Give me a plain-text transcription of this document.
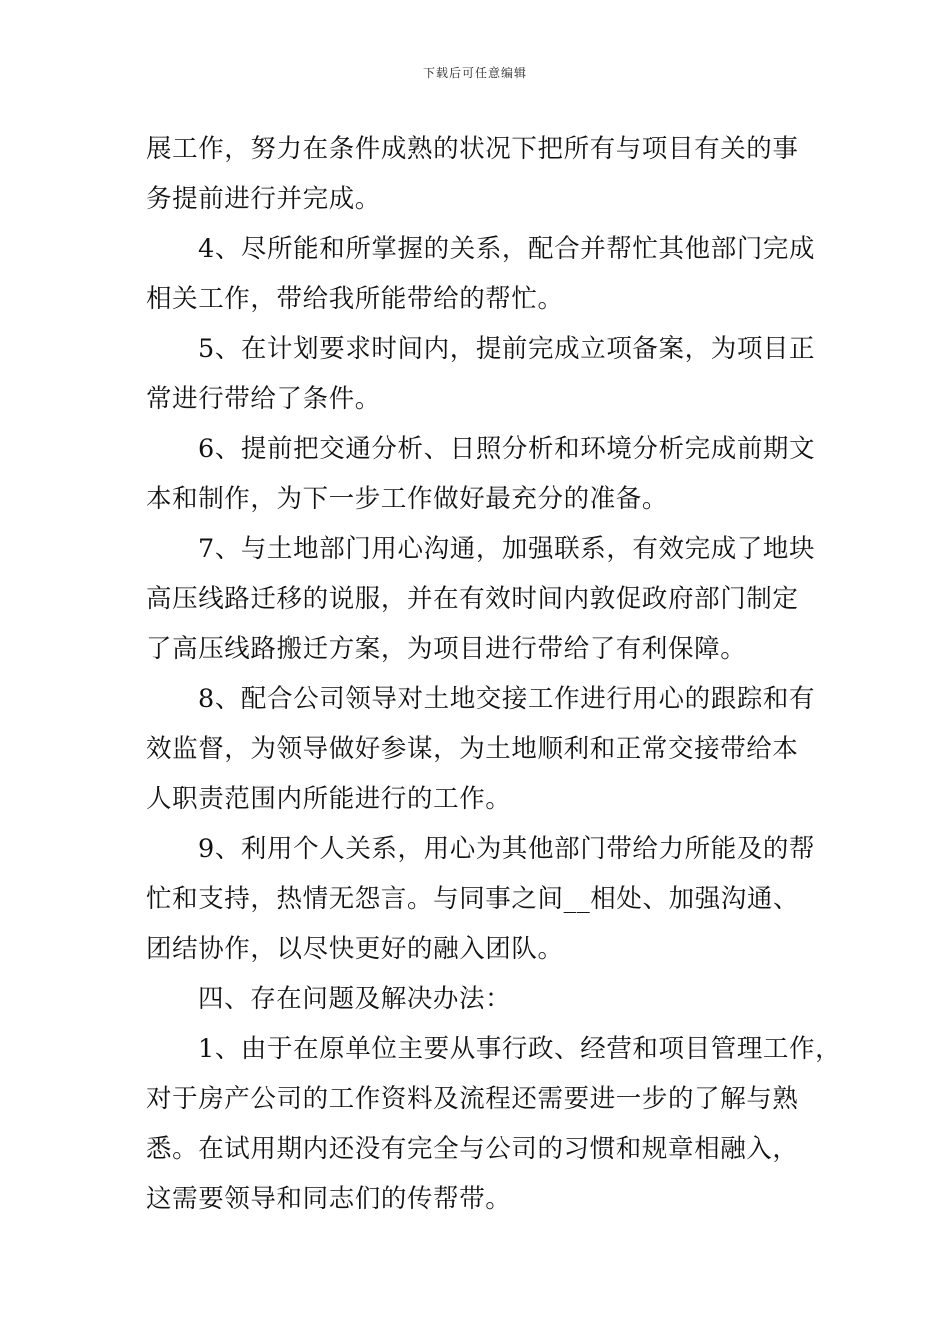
下载后可任意编辑
展工作，努力在条件成熟的状况下把所有与项目有关的事
务提前进行并完成。
4、尽所能和所掌握的关系，配合并帮忙其他部门完成
相关工作，带给我所能带给的帮忙。
5、在计划要求时间内，提前完成立项备案，为项目正
常进行带给了条件。
6、提前把交通分析、日照分析和环境分析完成前期文
本和制作，为下一步工作做好最充分的准备。
7、与土地部门用心沟通，加强联系，有效完成了地块
高压线路迁移的说服，并在有效时间内敦促政府部门制定
了高压线路搬迁方案，为项目进行带给了有利保障。
8、配合公司领导对土地交接工作进行用心的跟踪和有
效监督，为领导做好参谋，为土地顺利和正常交接带给本
人职责范围内所能进行的工作。
9、利用个人关系，用心为其他部门带给力所能及的帮
忙和支持，热情无怨言。与同事之间__相处、加强沟通、
团结协作，以尽快更好的融入团队。
四、存在问题及解决办法：
1、由于在原单位主要从事行政、经营和项目管理工作，
对于房产公司的工作资料及流程还需要进一步的了解与熟
悉。在试用期内还没有完全与公司的习惯和规章相融入，
这需要领导和同志们的传帮带。
